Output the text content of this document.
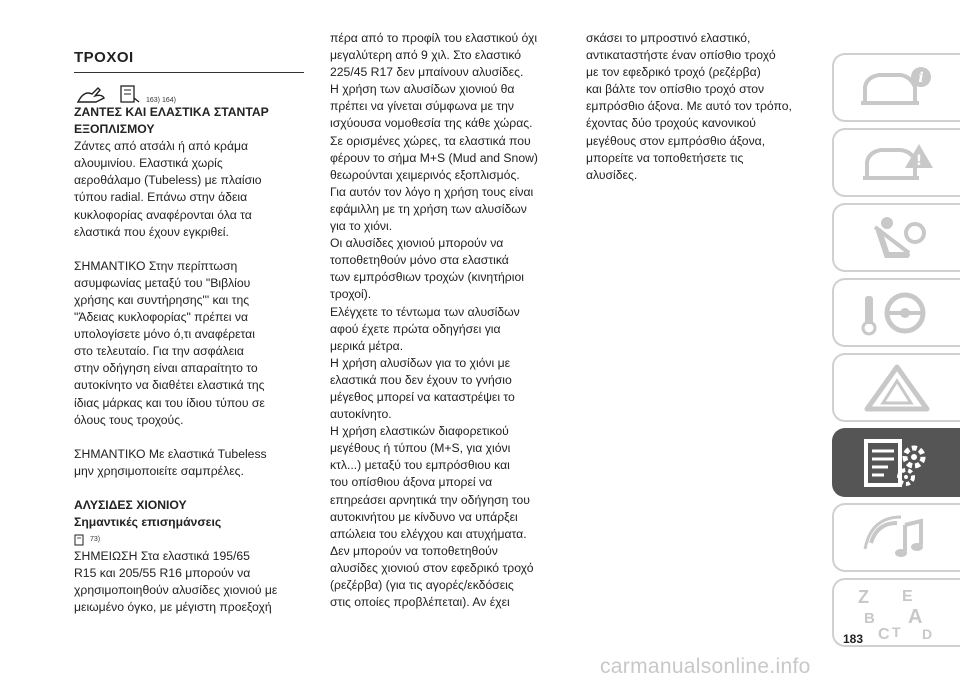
ΤΡΟΧΟΙ
163) 164)
ΖΑΝΤΕΣ ΚΑΙ ΕΛΑΣΤΙΚΑ ΣΤΑΝΤΑΡ
ΕΞΟΠΛΙΣΜΟΥ

Ζάντες από ατσάλι ή από κράμα
αλουμινίου. Ελαστικά χωρίς
αεροθάλαμο (Tubeless) με πλαίσιο
τύπου radial. Επάνω στην άδεια
κυκλοφορίας αναφέρονται όλα τα
ελαστικά που έχουν εγκριθεί.

ΣΗΜΑΝΤΙΚΟ Στην περίπτωση
ασυμφωνίας μεταξύ του "Βιβλίου
χρήσης και συντήρησης"' και της
"Άδειας κυκλοφορίας" πρέπει να
υπολογίσετε μόνο ό,τι αναφέρεται
στο τελευταίο. Για την ασφάλεια
στην οδήγηση είναι απαραίτητο το
αυτοκίνητο να διαθέτει ελαστικά της
ίδιας μάρκας και του ίδιου τύπου σε
όλους τους τροχούς.

ΣΗΜΑΝΤΙΚΟ Με ελαστικά Tubeless
μην χρησιμοποιείτε σαμπρέλες.

ΑΛΥΣΙΔΕΣ ΧΙΟΝΙΟΥ
Σημαντικές επισημάνσεις
73)

ΣΗΜΕΙΩΣΗ Στα ελαστικά 195/65
R15 και 205/55 R16 μπορούν να
χρησιμοποιηθούν αλυσίδες χιονιού με
μειωμένο όγκο, με μέγιστη προεξοχή

πέρα από το προφίλ του ελαστικού όχι
μεγαλύτερη από 9 χιλ. Στο ελαστικό
225/45 R17 δεν μπαίνουν αλυσίδες.

Η χρήση των αλυσίδων χιονιού θα
πρέπει να γίνεται σύμφωνα με την
ισχύουσα νομοθεσία της κάθε χώρας.
Σε ορισμένες χώρες, τα ελαστικά που
φέρουν το σήμα M+S (Mud and Snow)
θεωρούνται χειμερινός εξοπλισμός.
Για αυτόν τον λόγο η χρήση τους είναι
εφάμιλλη με τη χρήση των αλυσίδων
για το χιόνι.

Οι αλυσίδες χιονιού μπορούν να
τοποθετηθούν μόνο στα ελαστικά
των εμπρόσθιων τροχών (κινητήριοι
τροχοί).

Ελέγχετε το τέντωμα των αλυσίδων
αφού έχετε πρώτα οδηγήσει για
μερικά μέτρα.

Η χρήση αλυσίδων για το χιόνι με
ελαστικά που δεν έχουν το γνήσιο
μέγεθος μπορεί να καταστρέψει το
αυτοκίνητο.

Η χρήση ελαστικών διαφορετικού
μεγέθους ή τύπου (M+S, για χιόνι
κτλ...) μεταξύ του εμπρόσθιου και
του οπίσθιου άξονα μπορεί να
επηρεάσει αρνητικά την οδήγηση του
αυτοκινήτου με κίνδυνο να υπάρξει
απώλεια του ελέγχου και ατυχήματα.

Δεν μπορούν να τοποθετηθούν
αλυσίδες χιονιού στον εφεδρικό τροχό
(ρεζέρβα) (για τις αγορές/εκδόσεις
στις οποίες προβλέπεται). Αν έχει

σκάσει το μπροστινό ελαστικό,
αντικαταστήστε έναν οπίσθιο τροχό
με τον εφεδρικό τροχό (ρεζέρβα)
και βάλτε τον οπίσθιο τροχό στον
εμπρόσθιο άξονα. Με αυτό τον τρόπο,
έχοντας δύο τροχούς κανονικού
μεγέθους στον εμπρόσθιο άξονα,
μπορείτε να τοποθετήσετε τις
αλυσίδες.

i
!
Z E
A
B
C T D
183
carmanualsonline.info
